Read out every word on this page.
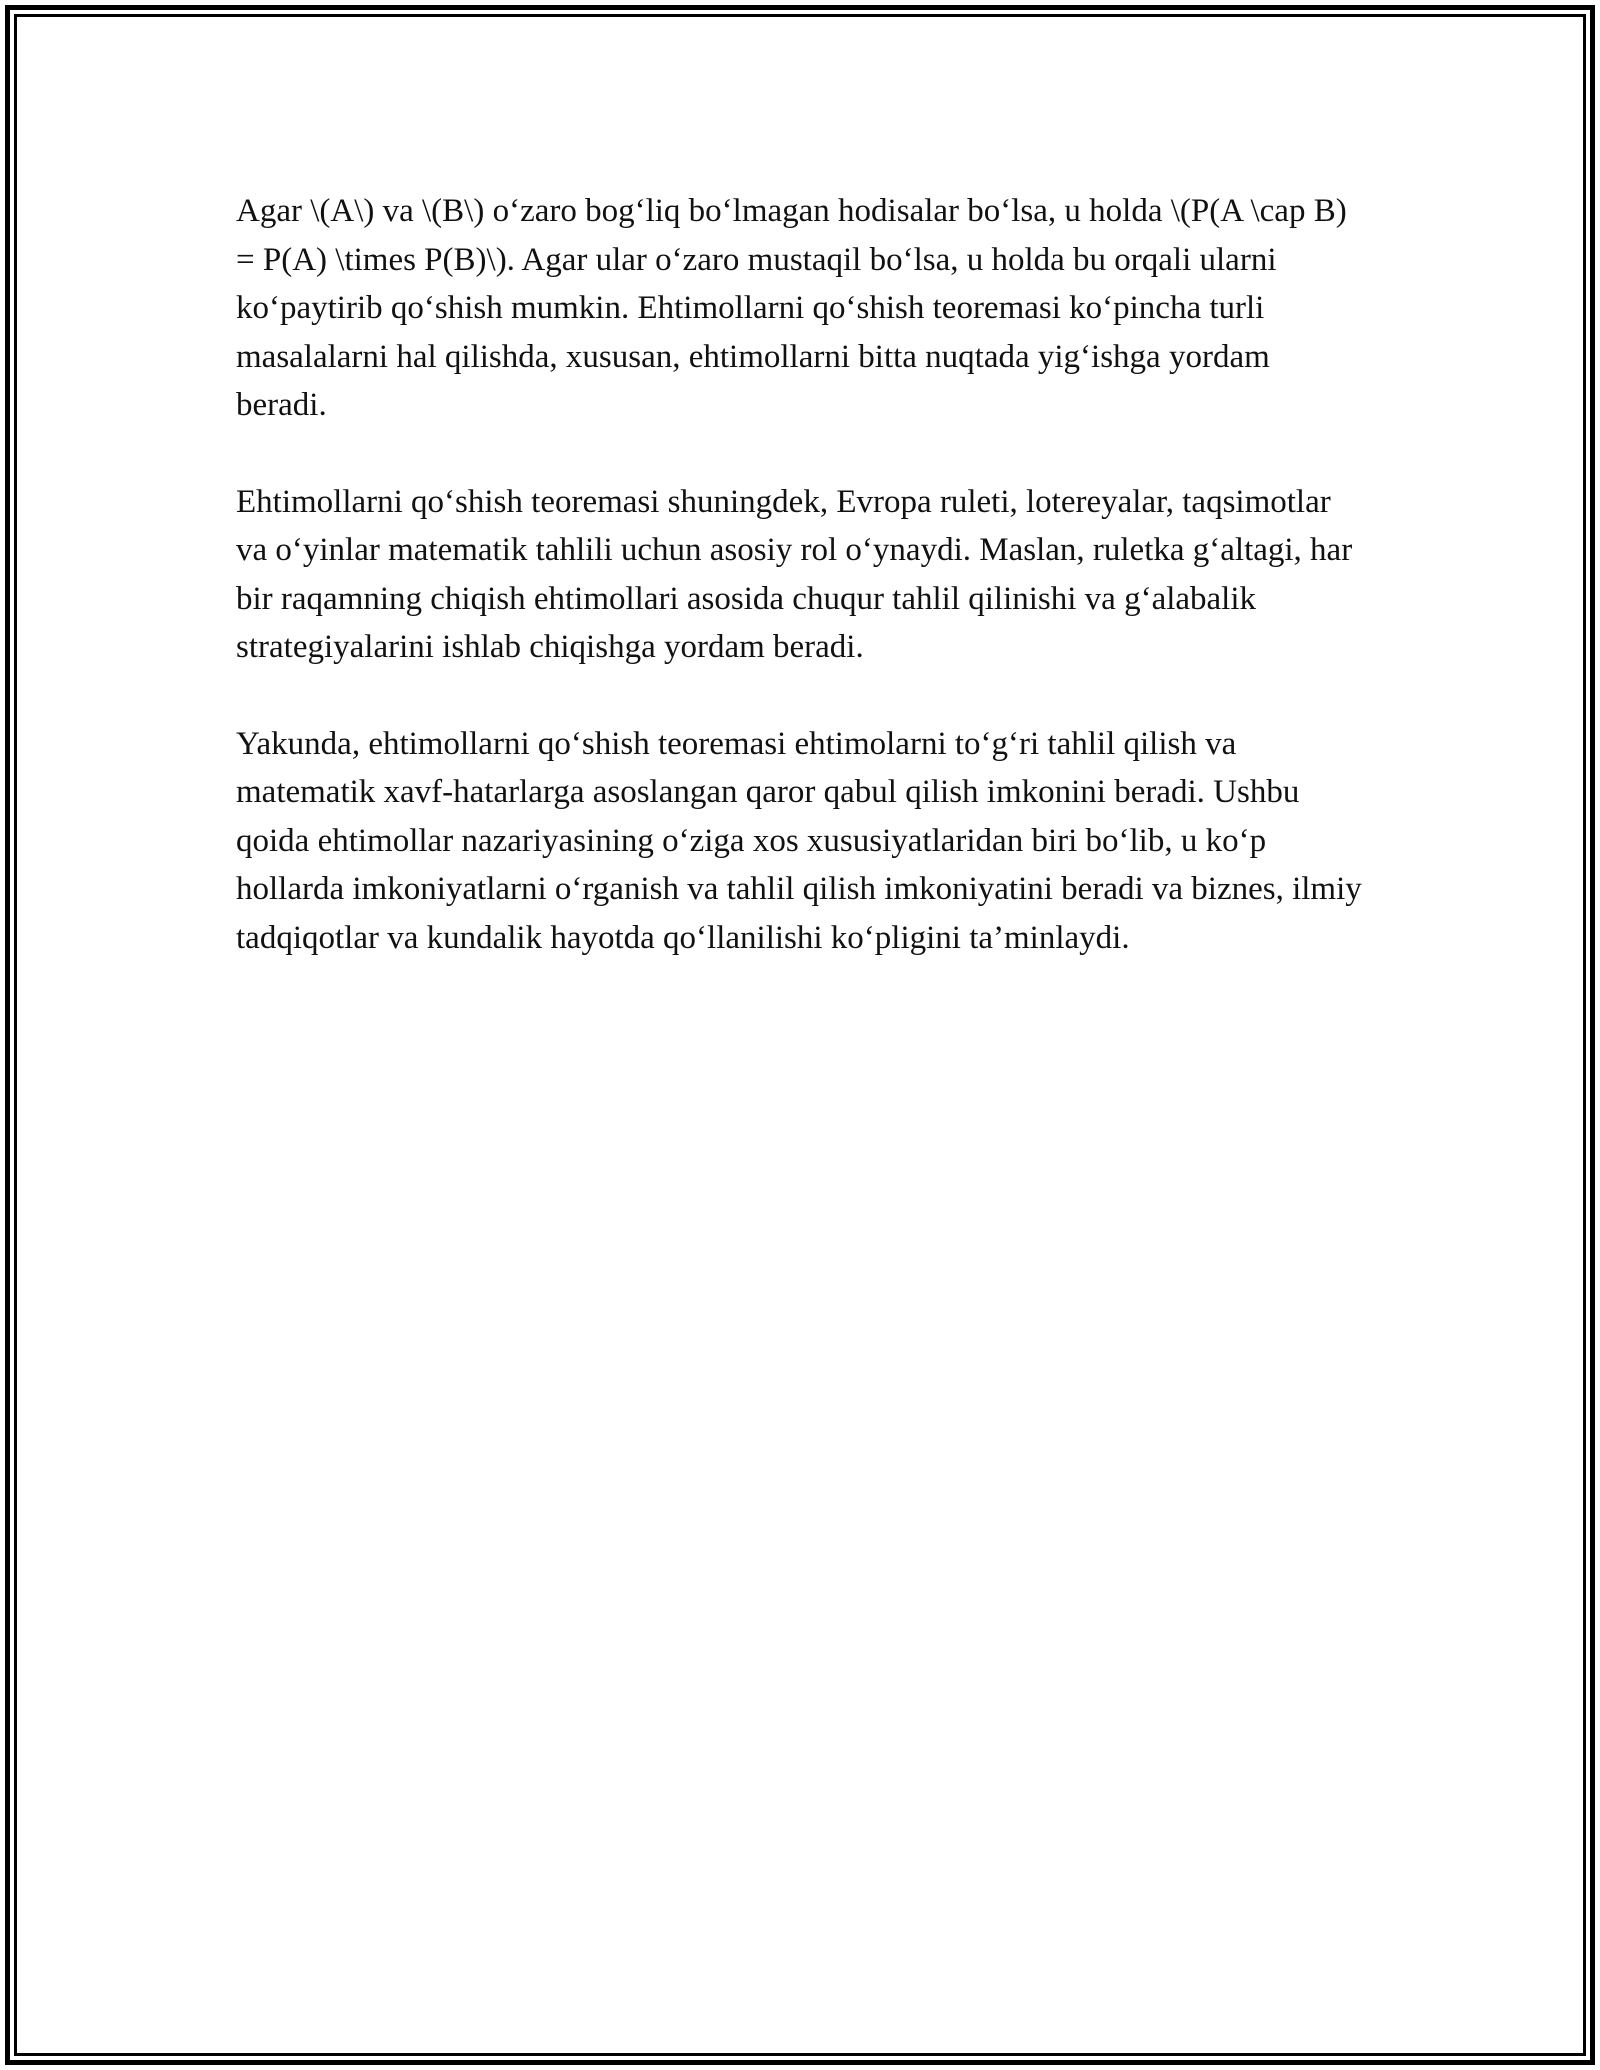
Agar \(A\) va \(B\) o‘zaro bog‘liq bo‘lmagan hodisalar bo‘lsa, u holda \(P(A \cap B) = P(A) \times P(B)\). Agar ular o‘zaro mustaqil bo‘lsa, u holda bu orqali ularni ko‘paytirib qo‘shish mumkin. Ehtimollarni qo‘shish teoremasi ko‘pincha turli masalalarni hal qilishda, xususan, ehtimollarni bitta nuqtada yig‘ishga yordam beradi.

Ehtimollarni qo‘shish teoremasi shuningdek, Evropa ruleti, lotereyalar, taqsimotlar va o‘yinlar matematik tahlili uchun asosiy rol o‘ynaydi. Maslan, ruletka g‘altagi, har bir raqamning chiqish ehtimollari asosida chuqur tahlil qilinishi va g‘alabalik strategiyalarini ishlab chiqishga yordam beradi.

Yakunda, ehtimollarni qo‘shish teoremasi ehtimolarni to‘g‘ri tahlil qilish va matematik xavf-hatarlarga asoslangan qaror qabul qilish imkonini beradi. Ushbu qoida ehtimollar nazariyasining o‘ziga xos xususiyatlaridan biri bo‘lib, u ko‘p hollarda imkoniyatlarni o‘rganish va tahlil qilish imkoniyatini beradi va biznes, ilmiy tadqiqotlar va kundalik hayotda qo‘llanilishi ko‘pligini ta’minlaydi.
